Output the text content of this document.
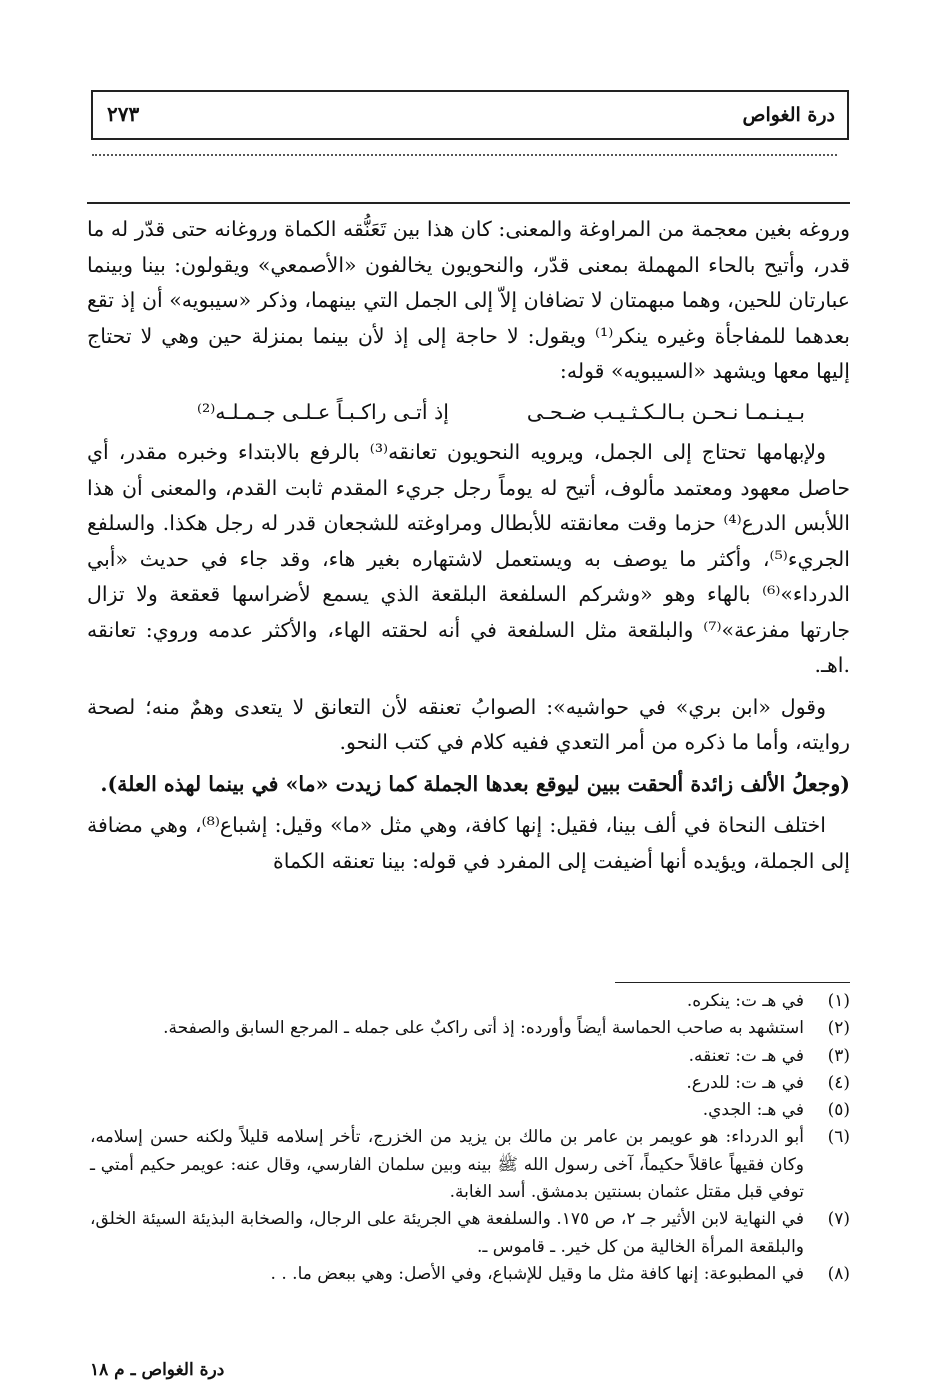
درة الغواص
٢٧٣

وروغه بغين معجمة من المراوغة والمعنى: كان هذا بين تَعَنُّقه الكماة وروغانه حتى قدّر له ما قدر، وأتيح بالحاء المهملة بمعنى قدّر، والنحويون يخالفون «الأصمعي» ويقولون: بينا وبينما عبارتان للحين، وهما مبهمتان لا تضافان إلاّ إلى الجمل التي بينهما، وذكر «سيبويه» أن إذ تقع بعدهما للمفاجأة وغيره ينكر⁽¹⁾ ويقول: لا حاجة إلى إذ لأن بينما بمنزلة حين وهي لا تحتاج إليها معها ويشهد «السيبويه» قوله:

بـيـنـمـا نـحـن بـالـكـثـيـب ضـحـى
إذ أتـى راكـبـاً عـلـى جـمـلـه⁽²⁾

ولإبهامها تحتاج إلى الجمل، ويرويه النحويون تعانقه⁽³⁾ بالرفع بالابتداء وخبره مقدر، أي حاصل معهود ومعتمد مألوف، أتيح له يوماً رجل جريء المقدم ثابت القدم، والمعنى أن هذا اللأبس الدرع⁽⁴⁾ حزما وقت معانقته للأبطال ومراوغته للشجعان قدر له رجل هكذا. والسلفع الجريء⁽⁵⁾، وأكثر ما يوصف به ويستعمل لاشتهاره بغير هاء، وقد جاء في حديث «أبي الدرداء»⁽⁶⁾ بالهاء وهو «وشركم السلفعة البلقعة الذي يسمع لأضراسها قعقعة ولا تزال جارتها مفزعة»⁽⁷⁾ والبلقعة مثل السلفعة في أنه لحقته الهاء، والأكثر عدمه وروي: تعانقه .اهـ.

وقول «ابن بري» في حواشيه»: الصوابُ تعنقه لأن التعانق لا يتعدى وهمٌ منه؛ لصحة روايته، وأما ما ذكره من أمر التعدي ففيه كلام في كتب النحو.

(وجعلُ الألف زائدة ألحقت ببين ليوقع بعدها الجملة كما زيدت «ما» في بينما لهذه العلة).

اختلف النحاة في ألف بينا، فقيل: إنها كافة، وهي مثل «ما» وقيل: إشباع⁽⁸⁾، وهي مضافة إلى الجملة، ويؤيده أنها أضيفت إلى المفرد في قوله: بينا تعنقه الكماة

(١)
في هـ ت: ينكره.
(٢)
استشهد به صاحب الحماسة أيضاً وأورده: إذ أتى راكبٌ على جمله ـ المرجع السابق والصفحة.
(٣)
في هـ ت: تعنقه.
(٤)
في هـ ت: للدرع.
(٥)
في هـ: الجدي.
(٦)
أبو الدرداء: هو عويمر بن عامر بن مالك بن يزيد من الخزرج، تأخر إسلامه قليلاً ولكنه حسن إسلامه، وكان فقيهاً عاقلاً حكيماً، آخى رسول الله ﷺ بينه وبين سلمان الفارسي، وقال عنه: عويمر حكيم أمتي ـ توفي قبل مقتل عثمان بسنتين بدمشق. أسد الغابة.
(٧)
في النهاية لابن الأثير جـ ٢، ص ١٧٥. والسلفعة هي الجريئة على الرجال، والصخابة البذيئة السيئة الخلق، والبلقعة المرأة الخالية من كل خير. ـ قاموس ـ.
(٨)
في المطبوعة: إنها كافة مثل ما وقيل للإشباع، وفي الأصل: وهي ببعض ما. . .
درة الغواص ـ م ١٨
